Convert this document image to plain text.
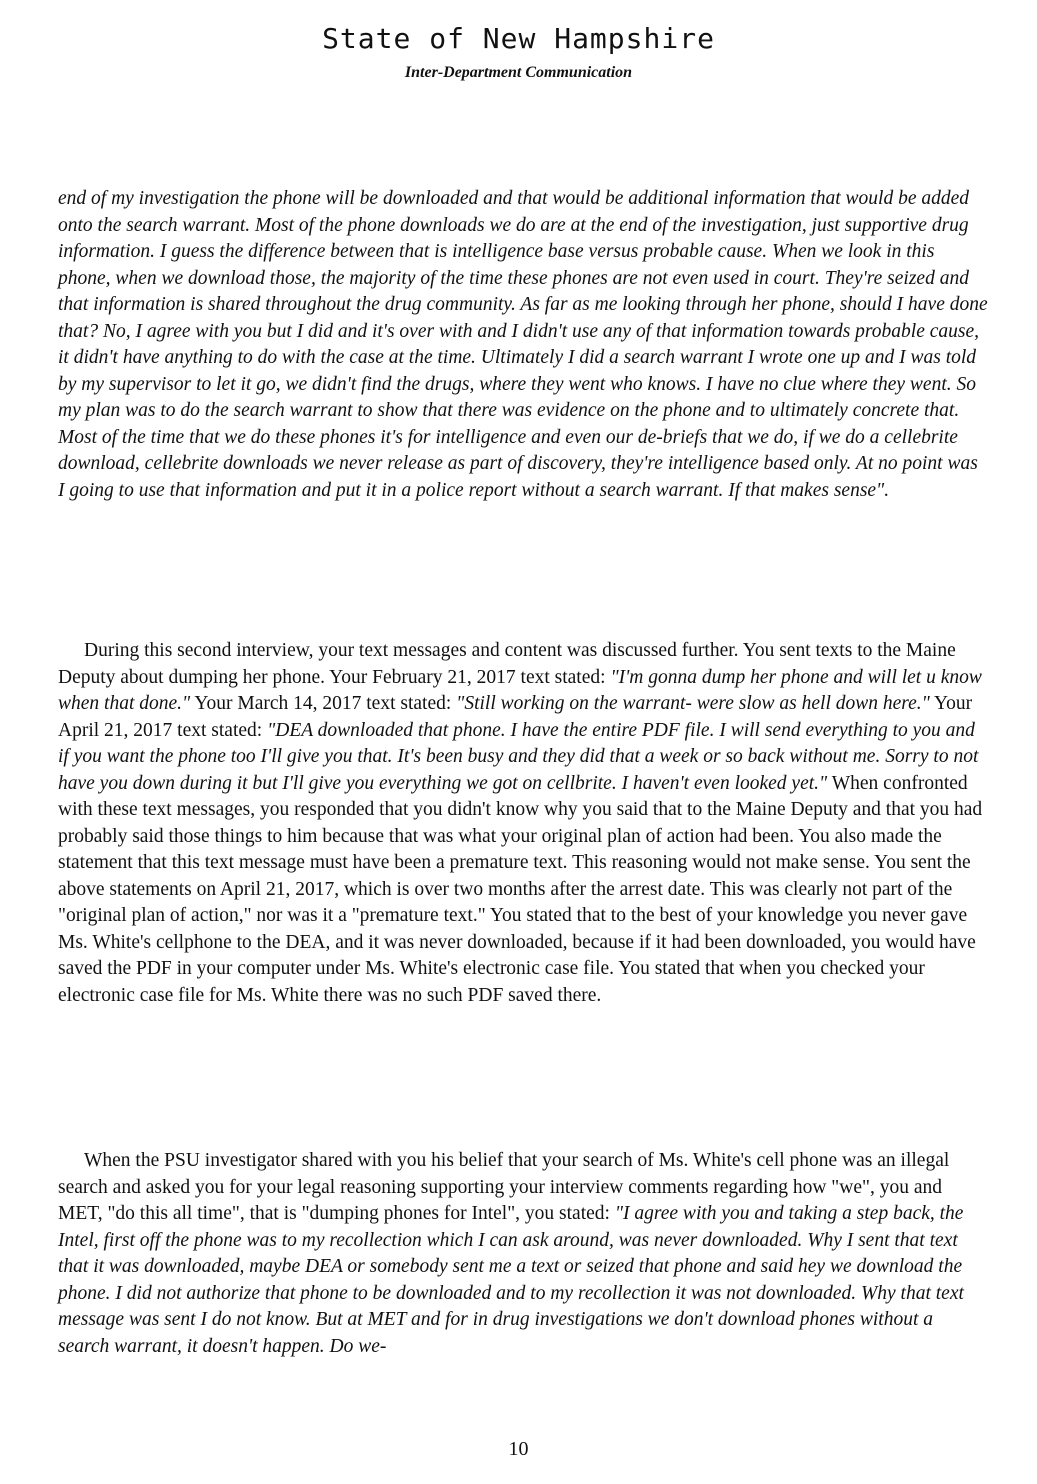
State of New Hampshire
Inter-Department Communication
end of my investigation the phone will be downloaded and that would be additional information that would be added onto the search warrant. Most of the phone downloads we do are at the end of the investigation, just supportive drug information. I guess the difference between that is intelligence base versus probable cause. When we look in this phone, when we download those, the majority of the time these phones are not even used in court. They're seized and that information is shared throughout the drug community. As far as me looking through her phone, should I have done that? No, I agree with you but I did and it's over with and I didn't use any of that information towards probable cause, it didn't have anything to do with the case at the time. Ultimately I did a search warrant I wrote one up and I was told by my supervisor to let it go, we didn't find the drugs, where they went who knows. I have no clue where they went. So my plan was to do the search warrant to show that there was evidence on the phone and to ultimately concrete that. Most of the time that we do these phones it's for intelligence and even our de-briefs that we do, if we do a cellebrite download, cellebrite downloads we never release as part of discovery, they're intelligence based only. At no point was I going to use that information and put it in a police report without a search warrant. If that makes sense".
During this second interview, your text messages and content was discussed further. You sent texts to the Maine Deputy about dumping her phone. Your February 21, 2017 text stated: "I'm gonna dump her phone and will let u know when that done." Your March 14, 2017 text stated: "Still working on the warrant- were slow as hell down here." Your April 21, 2017 text stated: "DEA downloaded that phone. I have the entire PDF file. I will send everything to you and if you want the phone too I'll give you that. It's been busy and they did that a week or so back without me. Sorry to not have you down during it but I'll give you everything we got on cellbrite. I haven't even looked yet." When confronted with these text messages, you responded that you didn't know why you said that to the Maine Deputy and that you had probably said those things to him because that was what your original plan of action had been. You also made the statement that this text message must have been a premature text. This reasoning would not make sense. You sent the above statements on April 21, 2017, which is over two months after the arrest date. This was clearly not part of the "original plan of action," nor was it a "premature text." You stated that to the best of your knowledge you never gave Ms. White's cellphone to the DEA, and it was never downloaded, because if it had been downloaded, you would have saved the PDF in your computer under Ms. White's electronic case file. You stated that when you checked your electronic case file for Ms. White there was no such PDF saved there.
When the PSU investigator shared with you his belief that your search of Ms. White's cell phone was an illegal search and asked you for your legal reasoning supporting your interview comments regarding how "we", you and MET, "do this all time", that is "dumping phones for Intel", you stated: "I agree with you and taking a step back, the Intel, first off the phone was to my recollection which I can ask around, was never downloaded. Why I sent that text that it was downloaded, maybe DEA or somebody sent me a text or seized that phone and said hey we download the phone. I did not authorize that phone to be downloaded and to my recollection it was not downloaded. Why that text message was sent I do not know. But at MET and for in drug investigations we don't download phones without a search warrant, it doesn't happen. Do we-
10
